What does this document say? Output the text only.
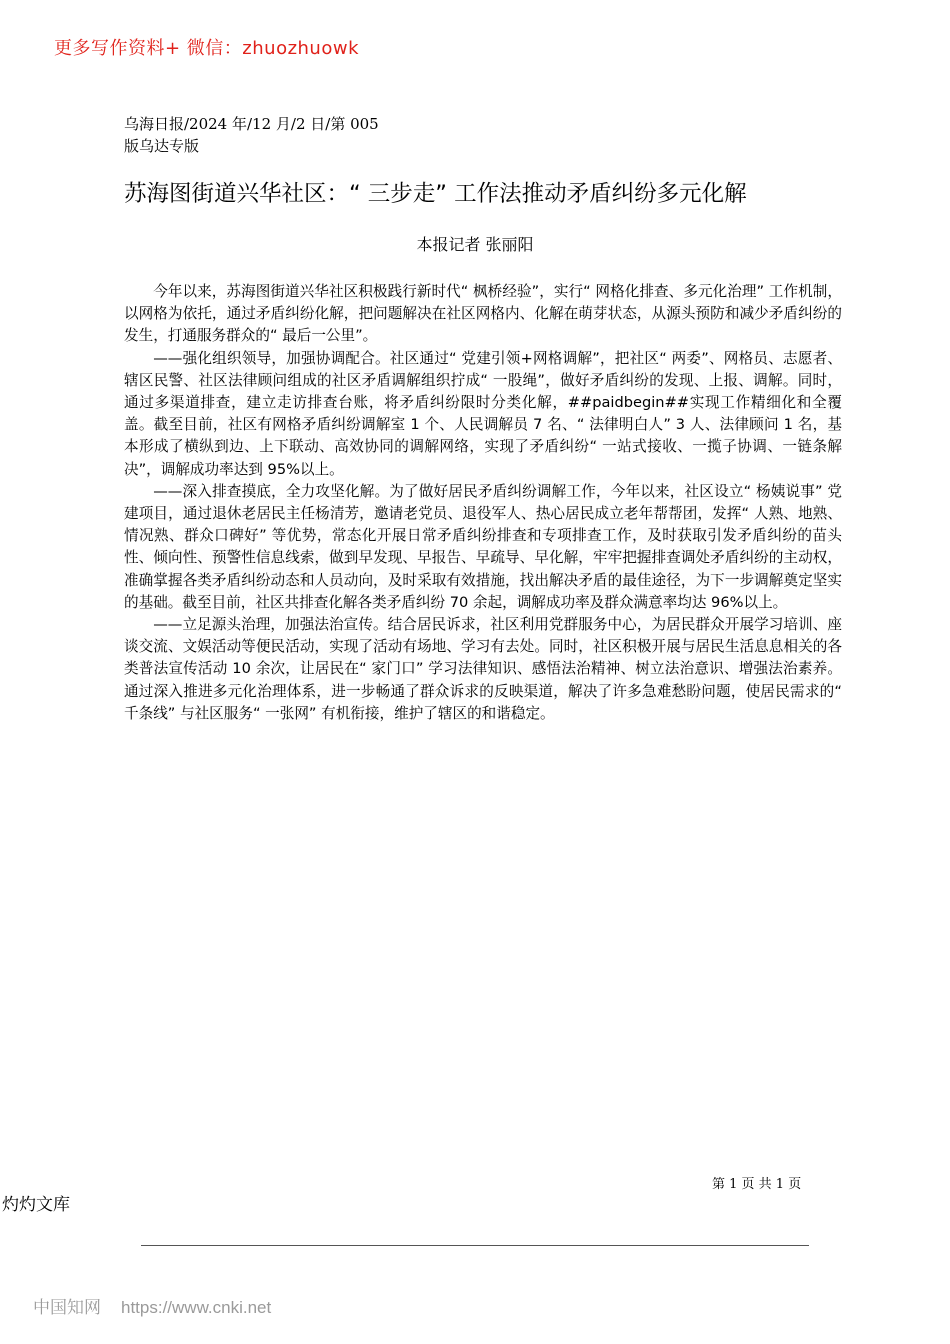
更多写作资料+ 微信：zhuozhuowk
乌海日报/2024 年/12 月/2 日/第 005
版乌达专版
苏海图街道兴华社区：“ 三步走” 工作法推动矛盾纠纷多元化解
本报记者 张丽阳

今年以来，苏海图街道兴华社区积极践行新时代“ 枫桥经验”，实行“ 网格化排查、多元化治理” 工作机制，以网格为依托，通过矛盾纠纷化解，把问题解决在社区网格内、化解在萌芽状态，从源头预防和减少矛盾纠纷的发生，打通服务群众的“ 最后一公里”。

——强化组织领导，加强协调配合。社区通过“ 党建引领+网格调解”，把社区“ 两委”、网格员、志愿者、辖区民警、社区法律顾问组成的社区矛盾调解组织拧成“ 一股绳”，做好矛盾纠纷的发现、上报、调解。同时，通过多渠道排查，建立走访排查台账，将矛盾纠纷限时分类化解，##paidbegin##实现工作精细化和全覆盖。截至目前，社区有网格矛盾纠纷调解室 1 个、人民调解员 7 名、“ 法律明白人” 3 人、法律顾问 1 名，基本形成了横纵到边、上下联动、高效协同的调解网络，实现了矛盾纠纷“ 一站式接收、一揽子协调、一链条解决”，调解成功率达到 95%以上。

——深入排查摸底，全力攻坚化解。为了做好居民矛盾纠纷调解工作，今年以来，社区设立“ 杨姨说事” 党建项目，通过退休老居民主任杨清芳，邀请老党员、退役军人、热心居民成立老年帮帮团，发挥“ 人熟、地熟、情况熟、群众口碑好” 等优势，常态化开展日常矛盾纠纷排查和专项排查工作，及时获取引发矛盾纠纷的苗头性、倾向性、预警性信息线索，做到早发现、早报告、早疏导、早化解，牢牢把握排查调处矛盾纠纷的主动权，准确掌握各类矛盾纠纷动态和人员动向，及时采取有效措施，找出解决矛盾的最佳途径，为下一步调解奠定坚实的基础。截至目前，社区共排查化解各类矛盾纠纷 70 余起，调解成功率及群众满意率均达 96%以上。

——立足源头治理，加强法治宣传。结合居民诉求，社区利用党群服务中心，为居民群众开展学习培训、座谈交流、文娱活动等便民活动，实现了活动有场地、学习有去处。同时，社区积极开展与居民生活息息相关的各类普法宣传活动 10 余次，让居民在“ 家门口” 学习法律知识、感悟法治精神、树立法治意识、增强法治素养。通过深入推进多元化治理体系，进一步畅通了群众诉求的反映渠道，解决了许多急难愁盼问题，使居民需求的“ 千条线” 与社区服务“ 一张网” 有机衔接，维护了辖区的和谐稳定。

第 1 页 共 1 页
灼灼文库
中国知网 https://www.cnki.net
